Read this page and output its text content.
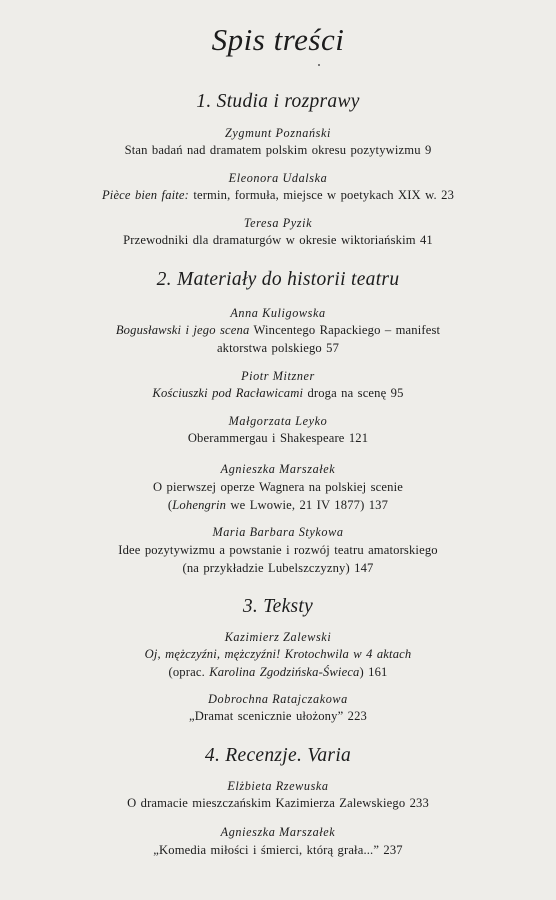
Spis treści
1. Studia i rozprawy
Zygmunt Poznański
Stan badań nad dramatem polskim okresu pozytywizmu 9
Eleonora Udalska
Pièce bien faite: termin, formuła, miejsce w poetykach XIX w. 23
Teresa Pyzik
Przewodniki dla dramaturgów w okresie wiktoriańskim 41
2. Materiały do historii teatru
Anna Kuligowska
Bogusławski i jego scena Wincentego Rapackiego – manifest
aktorstwa polskiego 57
Piotr Mitzner
Kościuszki pod Racławicami droga na scenę 95
Małgorzata Leyko
Oberammergau i Shakespeare 121
Agnieszka Marszałek
O pierwszej operze Wagnera na polskiej scenie
(Lohengrin we Lwowie, 21 IV 1877) 137
Maria Barbara Stykowa
Idee pozytywizmu a powstanie i rozwój teatru amatorskiego
(na przykładzie Lubelszczyzny) 147
3. Teksty
Kazimierz Zalewski
Oj, mężczyźni, mężczyźni! Krotochwila w 4 aktach
(oprac. Karolina Zgodzińska-Świeca) 161
Dobrochna Ratajczakowa
„Dramat scenicznie ułożony” 223
4. Recenzje. Varia
Elżbieta Rzewuska
O dramacie mieszczańskim Kazimierza Zalewskiego 233
Agnieszka Marszałek
„Komedia miłości i śmierci, którą grała...” 237
